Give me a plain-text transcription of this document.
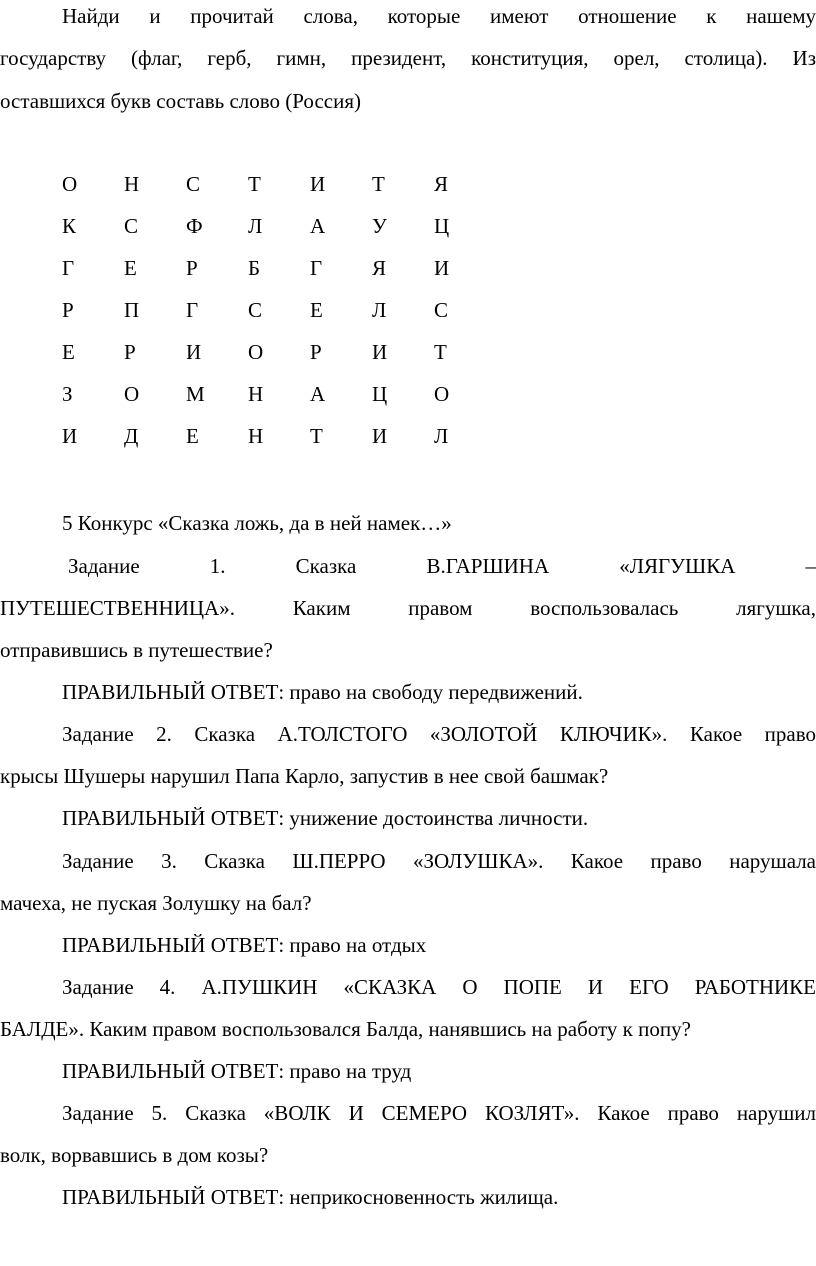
Найди и прочитай слова, которые имеют отношение к нашему
государству (флаг, герб, гимн, президент, конституция, орел, столица). Из
оставшихся букв составь слово (Россия)
О Н С Т И Т Я
К С Ф Л А У Ц
Г Е Р Б Г Я И
Р П Г С Е Л С
Е Р И О Р И Т
З О М Н А Ц О
И Д Е Н Т И Л
5 Конкурс «Сказка ложь, да в ней намек…»
Задание 1. Сказка В.ГАРШИНА «ЛЯГУШКА –
ПУТЕШЕСТВЕННИЦА». Каким правом воспользовалась лягушка,
отправившись в путешествие?
ПРАВИЛЬНЫЙ ОТВЕТ: право на свободу передвижений.
Задание 2. Сказка А.ТОЛСТОГО «ЗОЛОТОЙ КЛЮЧИК». Какое право
крысы Шушеры нарушил Папа Карло, запустив в нее свой башмак?
ПРАВИЛЬНЫЙ ОТВЕТ: унижение достоинства личности.
Задание 3. Сказка Ш.ПЕРРО «ЗОЛУШКА». Какое право нарушала
мачеха, не пуская Золушку на бал?
ПРАВИЛЬНЫЙ ОТВЕТ: право на отдых
Задание 4. А.ПУШКИН «СКАЗКА О ПОПЕ И ЕГО РАБОТНИКЕ
БАЛДЕ». Каким правом воспользовался Балда, нанявшись на работу к попу?
ПРАВИЛЬНЫЙ ОТВЕТ: право на труд
Задание 5. Сказка «ВОЛК И СЕМЕРО КОЗЛЯТ». Какое право нарушил
волк, ворвавшись в дом козы?
ПРАВИЛЬНЫЙ ОТВЕТ: неприкосновенность жилища.
